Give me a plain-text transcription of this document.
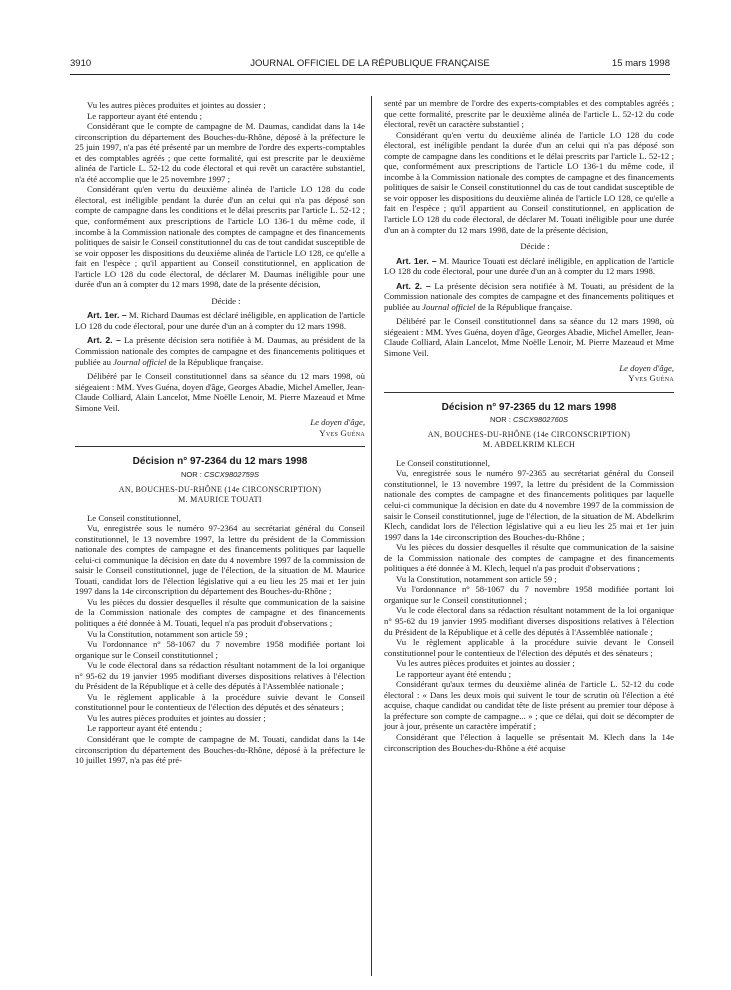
3910	JOURNAL OFFICIEL DE LA RÉPUBLIQUE FRANÇAISE	15 mars 1998

Vu les autres pièces produites et jointes au dossier ;

Le rapporteur ayant été entendu ;

Considérant que le compte de campagne de M. Daumas, candidat dans la 14e circonscription du département des Bouches-du-Rhône, déposé à la préfecture le 25 juin 1997, n'a pas été présenté par un membre de l'ordre des experts-comptables et des comptables agréés ; que cette formalité, qui est prescrite par le deuxième alinéa de l'article L. 52-12 du code électoral et qui revêt un caractère substantiel, n'a été accomplie que le 25 novembre 1997 ;

Considérant qu'en vertu du deuxième alinéa de l'article LO 128 du code électoral, est inéligible pendant la durée d'un an celui qui n'a pas déposé son compte de campagne dans les conditions et le délai prescrits par l'article L. 52-12 ; que, conformément aux prescriptions de l'article LO 136-1 du même code, il incombe à la Commission nationale des comptes de campagne et des financements politiques de saisir le Conseil constitutionnel du cas de tout candidat susceptible de se voir opposer les dispositions du deuxième alinéa de l'article LO 128, ce qu'elle a fait en l'espèce ; qu'il appartient au Conseil constitutionnel, en application de l'article LO 128 du code électoral, de déclarer M. Daumas inéligible pour une durée d'un an à compter du 12 mars 1998, date de la présente décision,

Décide :

Art. 1er. – M. Richard Daumas est déclaré inéligible, en application de l'article LO 128 du code électoral, pour une durée d'un an à compter du 12 mars 1998.

Art. 2. – La présente décision sera notifiée à M. Daumas, au président de la Commission nationale des comptes de campagne et des financements politiques et publiée au Journal officiel de la République française.

Délibéré par le Conseil constitutionnel dans sa séance du 12 mars 1998, où siégeaient : MM. Yves Guéna, doyen d'âge, Georges Abadie, Michel Ameller, Jean-Claude Colliard, Alain Lancelot, Mme Noëlle Lenoir, M. Pierre Mazeaud et Mme Simone Veil.

Le doyen d'âge,
Yves Guéna
Décision n° 97-2364 du 12 mars 1998
NOR : CSCX9802759S
AN, BOUCHES-DU-RHÔNE (14e CIRCONSCRIPTION)
M. MAURICE TOUATI

Le Conseil constitutionnel,

Vu, enregistrée sous le numéro 97-2364 au secrétariat général du Conseil constitutionnel, le 13 novembre 1997, la lettre du président de la Commission nationale des comptes de campagne et des financements politiques par laquelle celui-ci communique la décision en date du 4 novembre 1997 de la commission de saisir le Conseil constitutionnel, juge de l'élection, de la situation de M. Maurice Touati, candidat lors de l'élection législative qui a eu lieu les 25 mai et 1er juin 1997 dans la 14e circonscription du département des Bouches-du-Rhône ;

Vu les pièces du dossier desquelles il résulte que communication de la saisine de la Commission nationale des comptes de campagne et des financements politiques a été donnée à M. Touati, lequel n'a pas produit d'observations ;

Vu la Constitution, notamment son article 59 ;

Vu l'ordonnance n° 58-1067 du 7 novembre 1958 modifiée portant loi organique sur le Conseil constitutionnel ;

Vu le code électoral dans sa rédaction résultant notamment de la loi organique n° 95-62 du 19 janvier 1995 modifiant diverses dispositions relatives à l'élection du Président de la République et à celle des députés à l'Assemblée nationale ;

Vu le règlement applicable à la procédure suivie devant le Conseil constitutionnel pour le contentieux de l'élection des députés et des sénateurs ;

Vu les autres pièces produites et jointes au dossier ;

Le rapporteur ayant été entendu ;

Considérant que le compte de campagne de M. Touati, candidat dans la 14e circonscription du département des Bouches-du-Rhône, déposé à la préfecture le 10 juillet 1997, n'a pas été pré-

senté par un membre de l'ordre des experts-comptables et des comptables agréés ; que cette formalité, prescrite par le deuxième alinéa de l'article L. 52-12 du code électoral, revêt un caractère substantiel ;

Considérant qu'en vertu du deuxième alinéa de l'article LO 128 du code électoral, est inéligible pendant la durée d'un an celui qui n'a pas déposé son compte de campagne dans les conditions et le délai prescrits par l'article L. 52-12 ; que, conformément aux prescriptions de l'article LO 136-1 du même code, il incombe à la Commission nationale des comptes de campagne et des financements politiques de saisir le Conseil constitutionnel du cas de tout candidat susceptible de se voir opposer les dispositions du deuxième alinéa de l'article LO 128, ce qu'elle a fait en l'espèce ; qu'il appartient au Conseil constitutionnel, en application de l'article LO 128 du code électoral, de déclarer M. Touati inéligible pour une durée d'un an à compter du 12 mars 1998, date de la présente décision,

Décide :

Art. 1er. – M. Maurice Touati est déclaré inéligible, en application de l'article LO 128 du code électoral, pour une durée d'un an à compter du 12 mars 1998.

Art. 2. – La présente décision sera notifiée à M. Touati, au président de la Commission nationale des comptes de campagne et des financements politiques et publiée au Journal officiel de la République française.

Délibéré par le Conseil constitutionnel dans sa séance du 12 mars 1998, où siégeaient : MM. Yves Guéna, doyen d'âge, Georges Abadie, Michel Ameller, Jean-Claude Colliard, Alain Lancelot, Mme Noëlle Lenoir, M. Pierre Mazeaud et Mme Simone Veil.

Le doyen d'âge,
Yves Guéna
Décision n° 97-2365 du 12 mars 1998
NOR : CSCX9802760S
AN, BOUCHES-DU-RHÔNE (14e CIRCONSCRIPTION)
M. ABDELKRIM KLECH

Le Conseil constitutionnel,

Vu, enregistrée sous le numéro 97-2365 au secrétariat général du Conseil constitutionnel, le 13 novembre 1997, la lettre du président de la Commission nationale des comptes de campagne et des financements politiques par laquelle celui-ci communique la décision en date du 4 novembre 1997 de la commission de saisir le Conseil constitutionnel, juge de l'élection, de la situation de M. Abdelkrim Klech, candidat lors de l'élection législative qui a eu lieu les 25 mai et 1er juin 1997 dans la 14e circonscription des Bouches-du-Rhône ;

Vu les pièces du dossier desquelles il résulte que communication de la saisine de la Commission nationale des comptes de campagne et des financements politiques a été donnée à M. Klech, lequel n'a pas produit d'observations ;

Vu la Constitution, notamment son article 59 ;

Vu l'ordonnance n° 58-1067 du 7 novembre 1958 modifiée portant loi organique sur le Conseil constitutionnel ;

Vu le code électoral dans sa rédaction résultant notamment de la loi organique n° 95-62 du 19 janvier 1995 modifiant diverses dispositions relatives à l'élection du Président de la République et à celle des députés à l'Assemblée nationale ;

Vu le règlement applicable à la procédure suivie devant le Conseil constitutionnel pour le contentieux de l'élection des députés et des sénateurs ;

Vu les autres pièces produites et jointes au dossier ;

Le rapporteur ayant été entendu ;

Considérant qu'aux termes du deuxième alinéa de l'article L. 52-12 du code électoral : « Dans les deux mois qui suivent le tour de scrutin où l'élection a été acquise, chaque candidat ou candidat tête de liste présent au premier tour dépose à la préfecture son compte de campagne... » ; que ce délai, qui doit se décompter de jour à jour, présente un caractère impératif ;

Considérant que l'élection à laquelle se présentait M. Klech dans la 14e circonscription des Bouches-du-Rhône a été acquise
